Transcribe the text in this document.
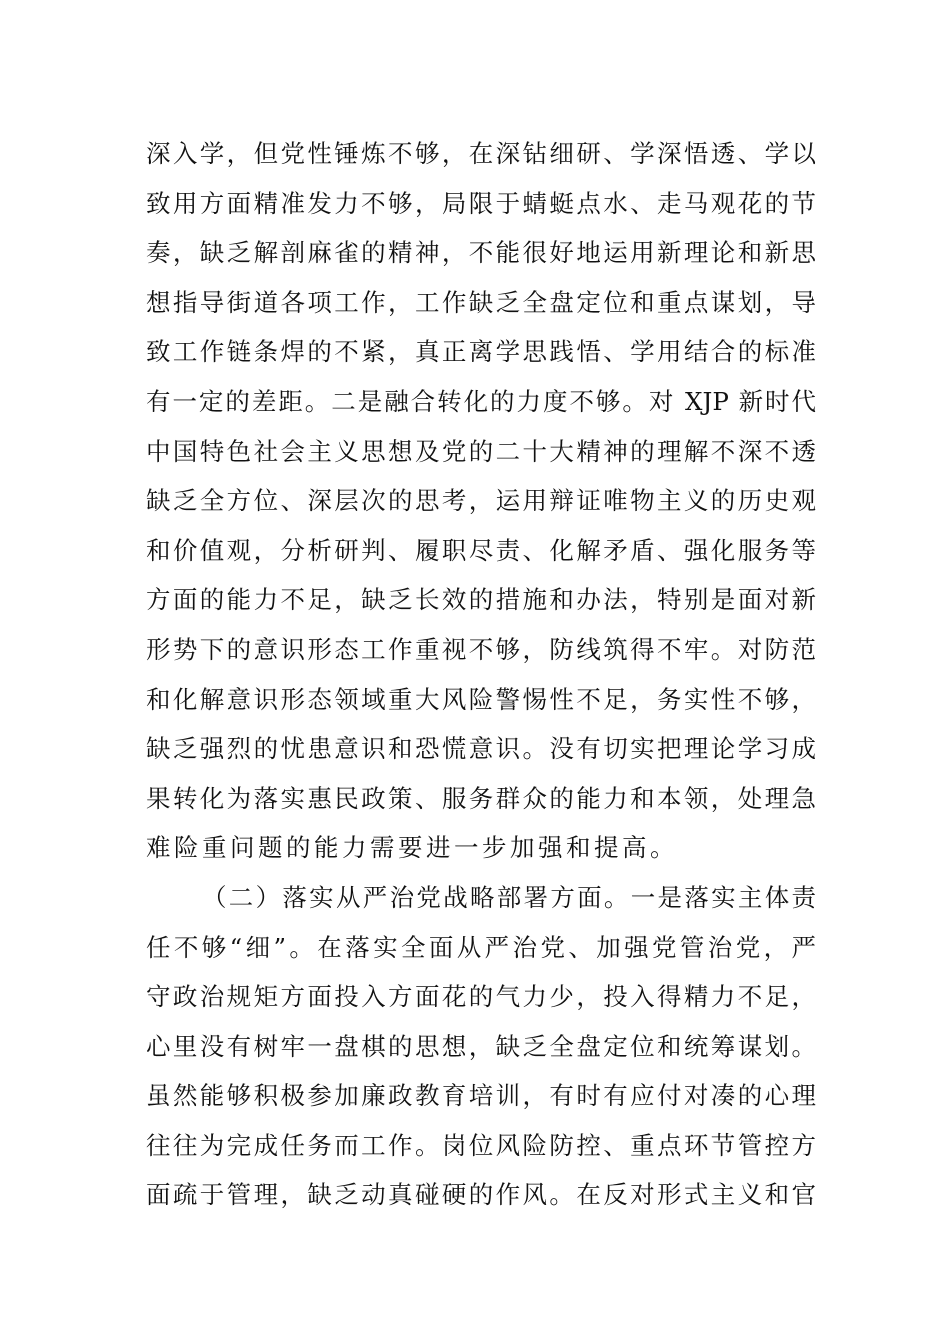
深入学，但党性锤炼不够，在深钻细研、学深悟透、学以
致用方面精准发力不够，局限于蜻蜓点水、走马观花的节
奏，缺乏解剖麻雀的精神，不能很好地运用新理论和新思
想指导街道各项工作，工作缺乏全盘定位和重点谋划，导
致工作链条焊的不紧，真正离学思践悟、学用结合的标准
有一定的差距。二是融合转化的力度不够。对 XJP 新时代
中国特色社会主义思想及党的二十大精神的理解不深不透
缺乏全方位、深层次的思考，运用辩证唯物主义的历史观
和价值观，分析研判、履职尽责、化解矛盾、强化服务等
方面的能力不足，缺乏长效的措施和办法，特别是面对新
形势下的意识形态工作重视不够，防线筑得不牢。对防范
和化解意识形态领域重大风险警惕性不足，务实性不够，
缺乏强烈的忧患意识和恐慌意识。没有切实把理论学习成
果转化为落实惠民政策、服务群众的能力和本领，处理急
难险重问题的能力需要进一步加强和提高。
（二）落实从严治党战略部署方面。一是落实主体责
任不够“细”。在落实全面从严治党、加强党管治党，严
守政治规矩方面投入方面花的气力少，投入得精力不足，
心里没有树牢一盘棋的思想，缺乏全盘定位和统筹谋划。
虽然能够积极参加廉政教育培训，有时有应付对凑的心理
往往为完成任务而工作。岗位风险防控、重点环节管控方
面疏于管理，缺乏动真碰硬的作风。在反对形式主义和官
